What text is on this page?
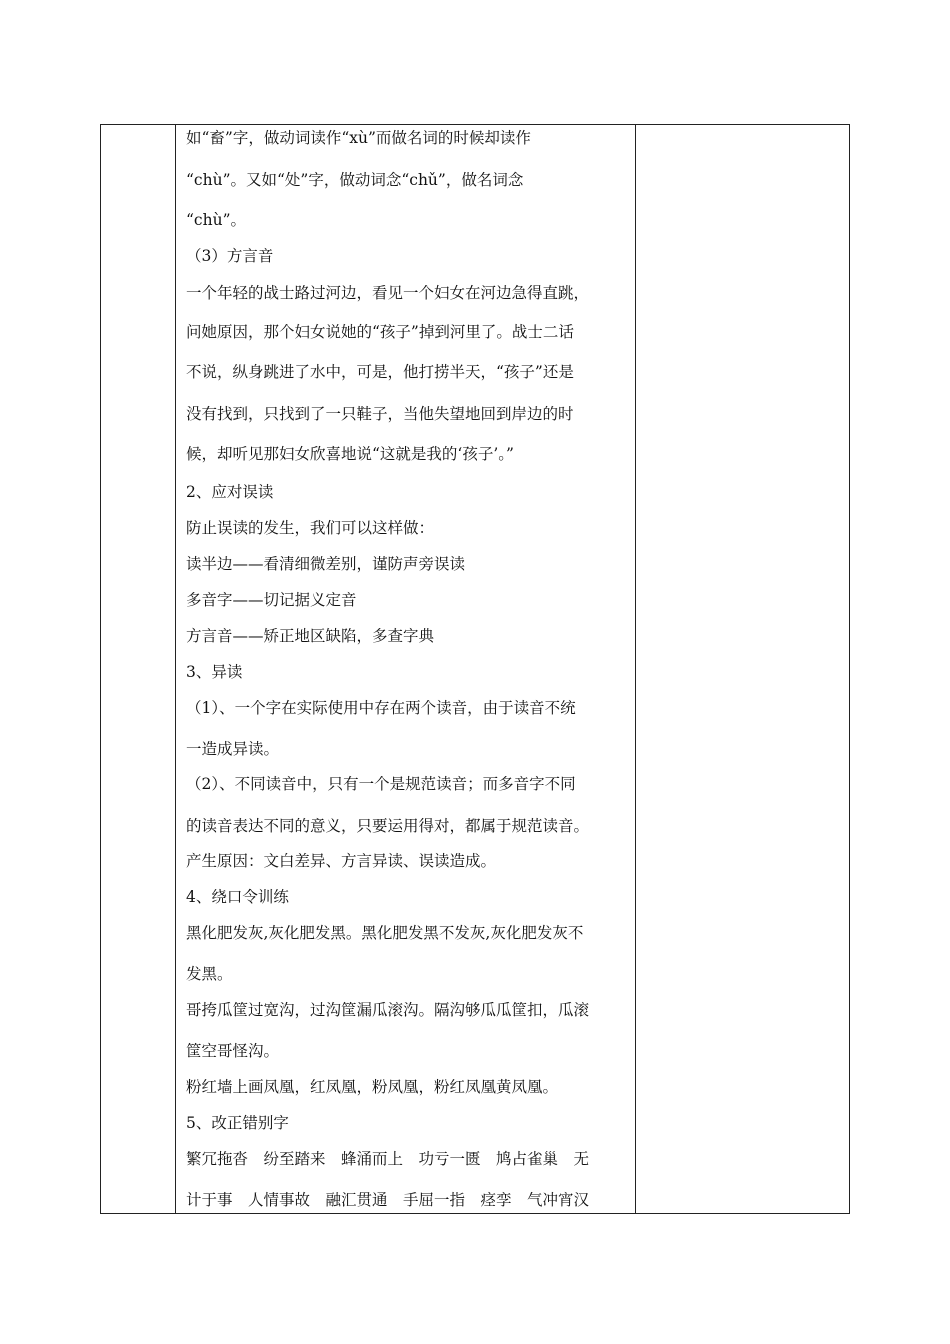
如“畜”字，做动词读作“xù”而做名词的时候却读作
“chù”。又如“处”字，做动词念“chǔ”，做名词念
“chù”。
（3）方言音
一个年轻的战士路过河边，看见一个妇女在河边急得直跳，
问她原因，那个妇女说她的“孩子”掉到河里了。战士二话
不说，纵身跳进了水中，可是，他打捞半天，“孩子”还是
没有找到，只找到了一只鞋子，当他失望地回到岸边的时
候，却听见那妇女欣喜地说“这就是我的‘孩子’。”
2、应对误读
防止误读的发生，我们可以这样做：
读半边——看清细微差别，谨防声旁误读
多音字——切记据义定音
方言音——矫正地区缺陷，多查字典
3、异读
（1）、一个字在实际使用中存在两个读音，由于读音不统
一造成异读。
（2）、不同读音中，只有一个是规范读音；而多音字不同
的读音表达不同的意义，只要运用得对，都属于规范读音。
产生原因：文白差异、方言异读、误读造成。
4、绕口令训练
黑化肥发灰,灰化肥发黑。黑化肥发黑不发灰,灰化肥发灰不
发黑。
哥挎瓜筐过宽沟，过沟筐漏瓜滚沟。隔沟够瓜瓜筐扣，瓜滚
筐空哥怪沟。
粉红墙上画凤凰，红凤凰，粉凤凰，粉红凤凰黄凤凰。
5、改正错别字
繁冗拖沓　纷至踏来　蜂涌而上　功亏一匮　鸠占雀巢　无
计于事　人情事故　融汇贯通　手屈一指　痉孪　气冲宵汉
